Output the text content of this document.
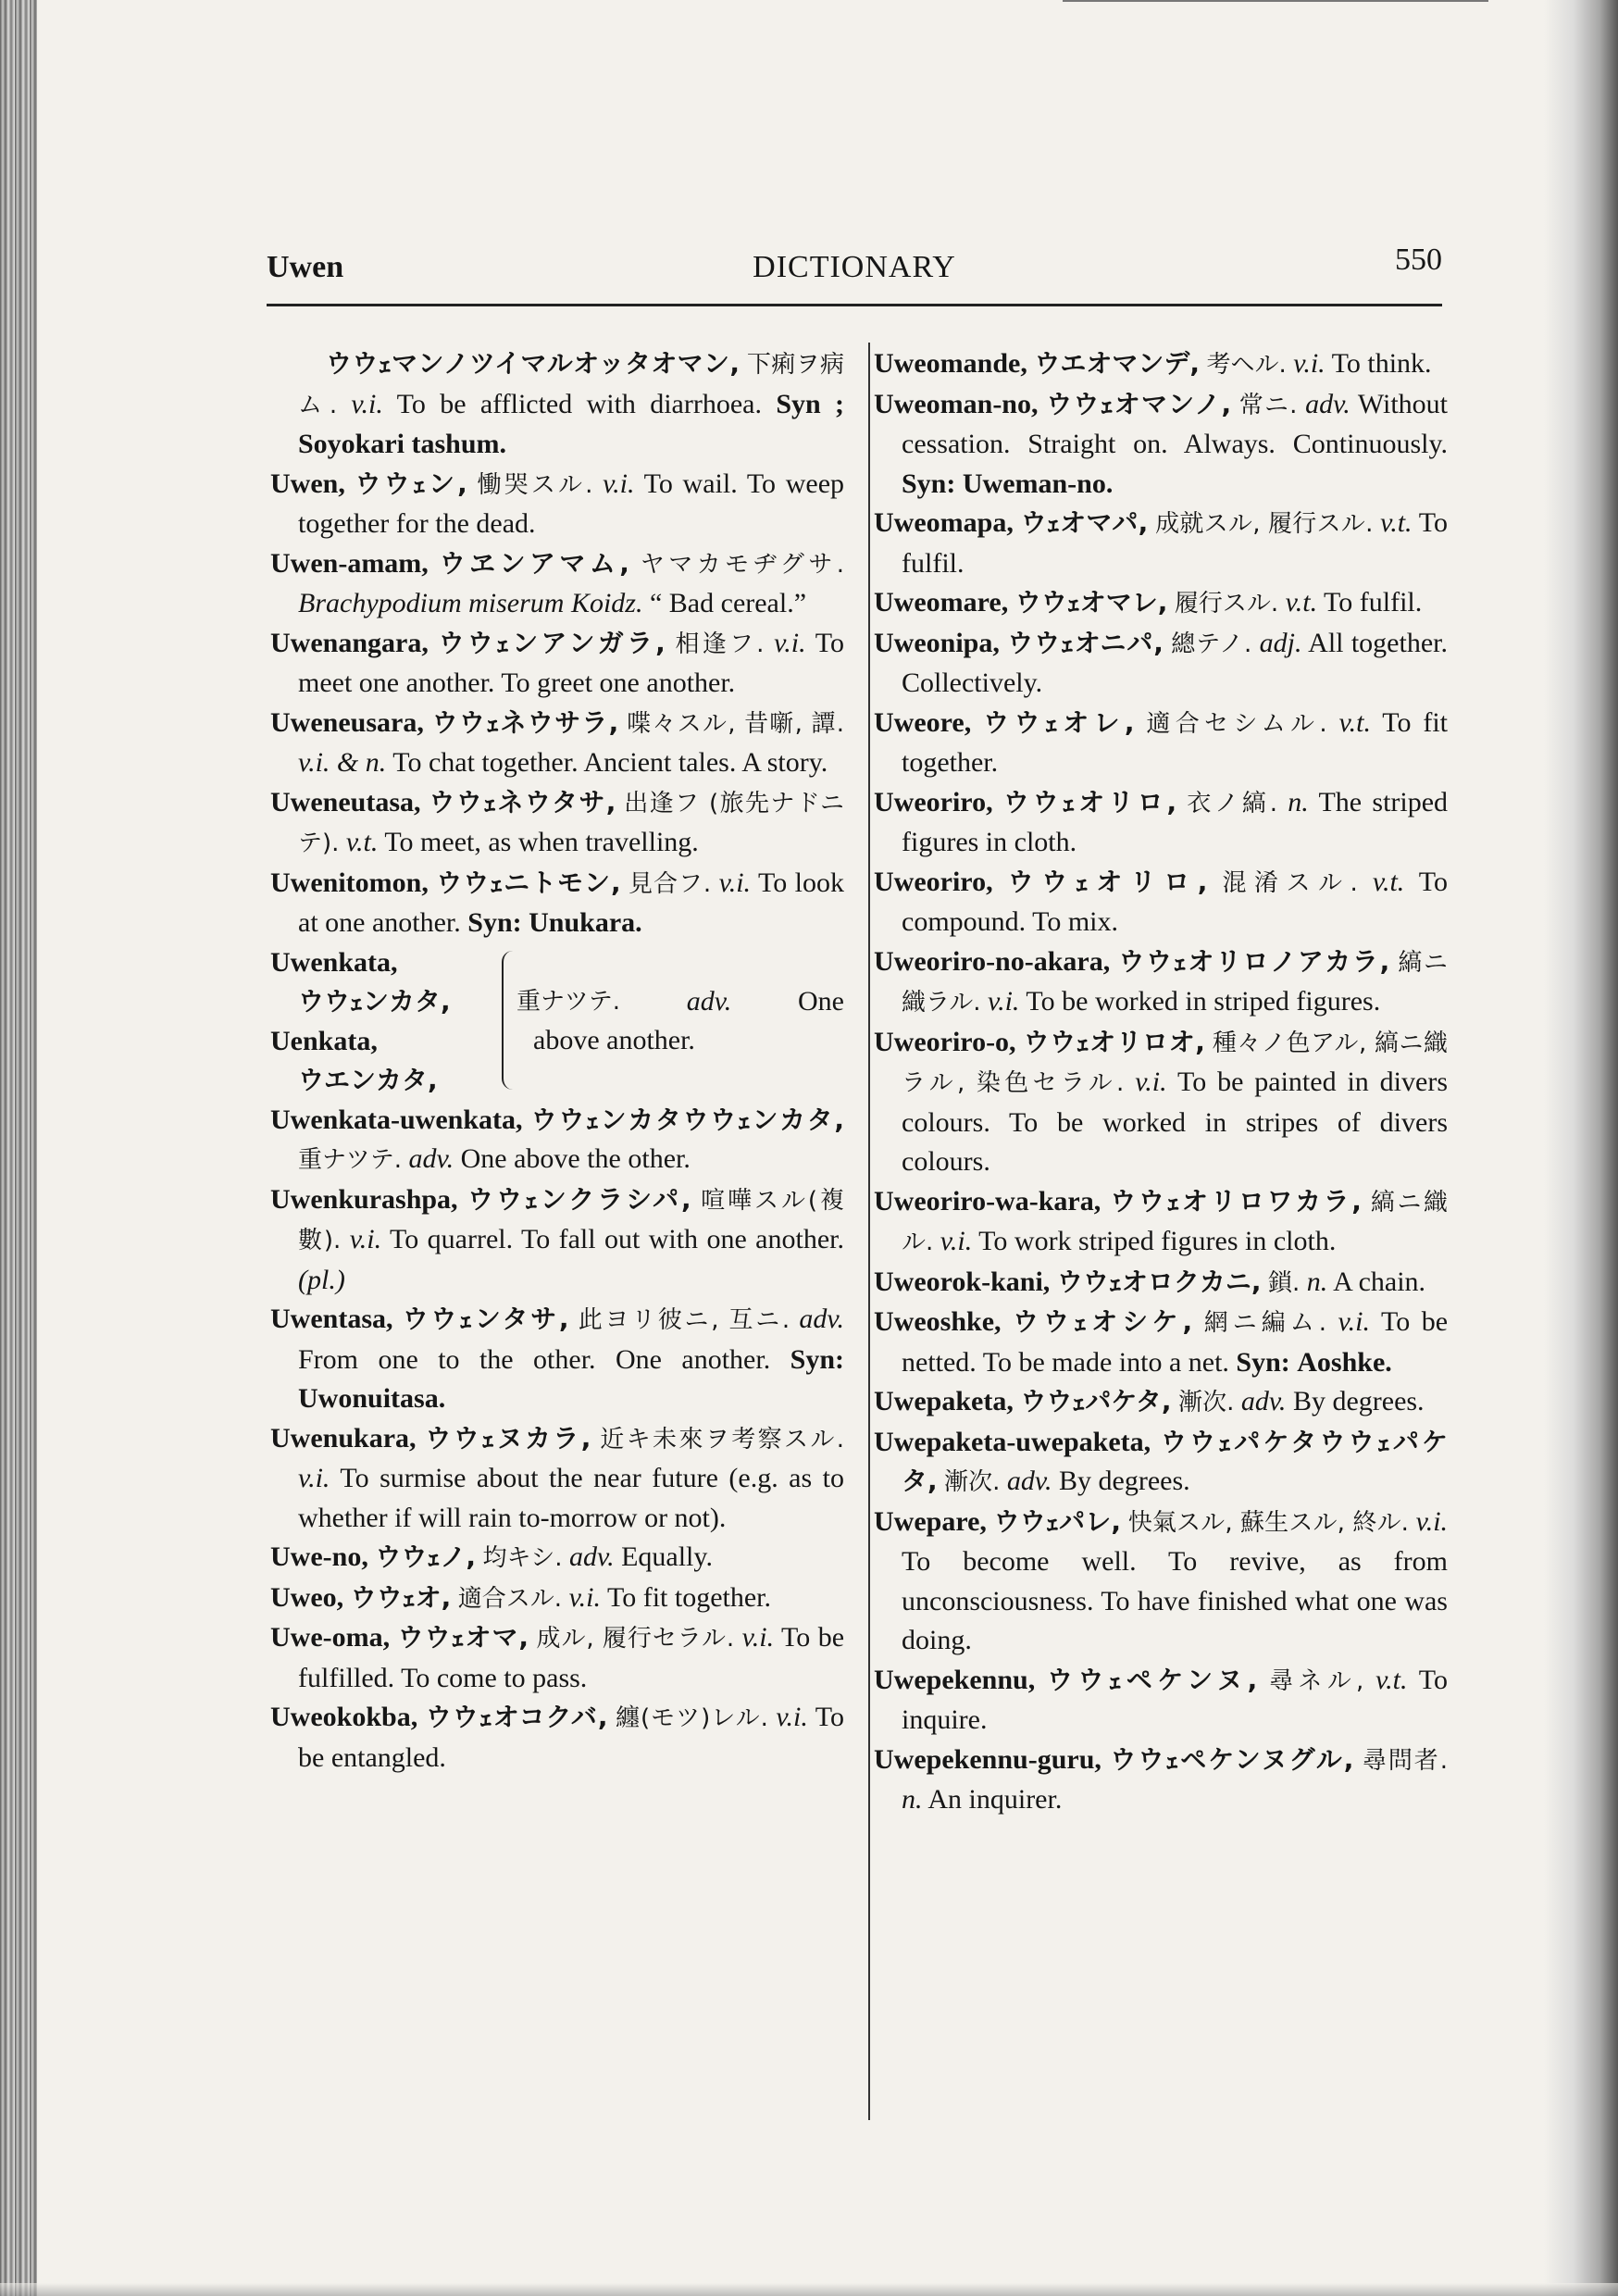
Uwen	DICTIONARY	550

ウウｪマンノツイマルオッタオマン, 下痢ヲ病ム. v.i. To be afflicted with diarrhoea. Syn ; Soyokari tashum.

Uwen, ウウｪン, 慟哭スル. v.i. To wail. To weep together for the dead.

Uwen-amam, ウヱンアマム, ヤマカモヂグサ. Brachypodium miserum Koidz. “ Bad cereal.”

Uwenangara, ウウｪンアンガラ, 相逢フ. v.i. To meet one another. To greet one another.

Uweneusara, ウウｪネウサラ, 喋々スル, 昔噺, 譚. v.i. & n. To chat together. Ancient tales. A story.

Uweneutasa, ウウｪネウタサ, 出逢フ (旅先ナドニテ). v.t. To meet, as when travelling.

Uwenitomon, ウウｪニトモン, 見合フ. v.i. To look at one another. Syn: Unukara.

Uwenkata,
ウウｪンカタ,
Uenkata,
ウエンカタ,
重ナツテ. adv. One
above another.

Uwenkata-uwenkata, ウウｪンカタウウｪンカタ, 重ナツテ. adv. One above the other.

Uwenkurashpa, ウウｪンクラシパ, 喧嘩スル(複數). v.i. To quarrel. To fall out with one another. (pl.)

Uwentasa, ウウｪンタサ, 此ヨリ彼ニ, 互ニ. adv. From one to the other. One another. Syn: Uwonuitasa.

Uwenukara, ウウｪヌカラ, 近キ未來ヲ考察スル. v.i. To surmise about the near future (e.g. as to whether if will rain to-morrow or not).

Uwe-no, ウウｪノ, 均キシ. adv. Equally.

Uweo, ウウｪオ, 適合スル. v.i. To fit together.

Uwe-oma, ウウｪオマ, 成ル, 履行セラル. v.i. To be fulfilled. To come to pass.

Uweokokba, ウウｪオコクバ, 纏(モツ)レル. v.i. To be entangled.

Uweomande, ウエオマンデ, 考ヘル. v.i. To think.

Uweoman-no, ウウｪオマンノ, 常ニ. adv. Without cessation. Straight on. Always. Continuously. Syn: Uweman-no.

Uweomapa, ウｪオマパ, 成就スル, 履行スル. v.t. To fulfil.

Uweomare, ウウｪオマレ, 履行スル. v.t. To fulfil.

Uweonipa, ウウｪオニパ, 總テノ. adj. All together. Collectively.

Uweore, ウウｪオレ, 適合セシムル. v.t. To fit together.

Uweoriro, ウウｪオリロ, 衣ノ縞. n. The striped figures in cloth.

Uweoriro, ウウｪオリロ, 混淆スル. v.t. To compound. To mix.

Uweoriro-no-akara, ウウｪオリロノアカラ, 縞ニ織ラル. v.i. To be worked in striped figures.

Uweoriro-o, ウウｪオリロオ, 種々ノ色アル, 縞ニ織ラル, 染色セラル. v.i. To be painted in divers colours. To be worked in stripes of divers colours.

Uweoriro-wa-kara, ウウｪオリロワカラ, 縞ニ織ル. v.i. To work striped figures in cloth.

Uweorok-kani, ウウｪオロクカニ, 鎖. n. A chain.

Uweoshke, ウウｪオシケ, 網ニ編ム. v.i. To be netted. To be made into a net. Syn: Aoshke.

Uwepaketa, ウウｪパケタ, 漸次. adv. By degrees.

Uwepaketa-uwepaketa, ウウｪパケタウウｪパケタ, 漸次. adv. By degrees.

Uwepare, ウウｪパレ, 快氣スル, 蘇生スル, 終ル. v.i. To become well. To revive, as from unconsciousness. To have finished what one was doing.

Uwepekennu, ウウｪペケンヌ, 尋ネル, v.t. To inquire.

Uwepekennu-guru, ウウｪペケンヌグル, 尋問者. n. An inquirer.
